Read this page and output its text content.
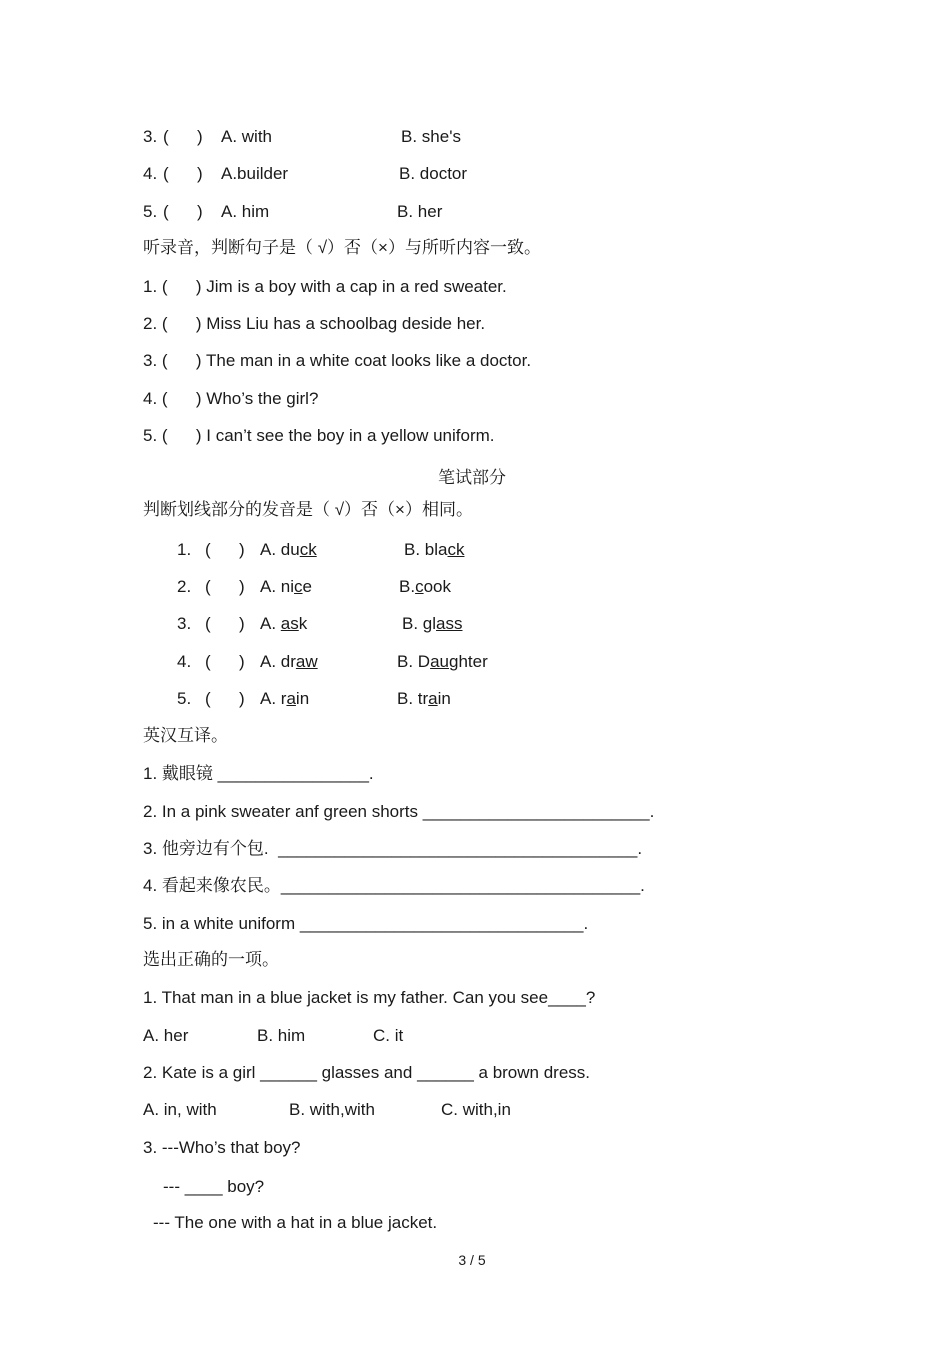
3. (      ) A. with	B. she's
4. (      ) A.builder	B. doctor
5. (      ) A. him	B. her
听录音，判断句子是（ √）否（×）与所听内容一致。
1. (      ) Jim is a boy with a cap in a red sweater.
2. (      ) Miss Liu has a schoolbag deside her.
3. (      ) The man in a white coat looks like a doctor.
4. (      ) Who’s the girl?
5. (      ) I can’t see the boy in a yellow uniform.
笔试部分
判断划线部分的发音是（ √）否（×）相同。
1. (      ) A. duck	B. black
2. (      ) A. nice	B.cook
3. (      ) A. ask	B. glass
4. (      ) A. draw	B. Daughter
5. (      ) A. rain	B. train
英汉互译。
1. 戴眼镜 ________________.
2. In a pink sweater anf green shorts ________________________.
3. 他旁边有个包.  ______________________________________.
4. 看起来像农民。______________________________________.
5. in a white uniform ______________________________.
选出正确的一项。
1. That man in a blue jacket is my father. Can you see____?
A. her	B. him	C. it
2. Kate is a girl ______ glasses and ______ a brown dress.
A. in, with	B. with,with	C. with,in
3. ---Who’s that boy?
--- ____ boy?
--- The one with a hat in a blue jacket.
3 / 5
